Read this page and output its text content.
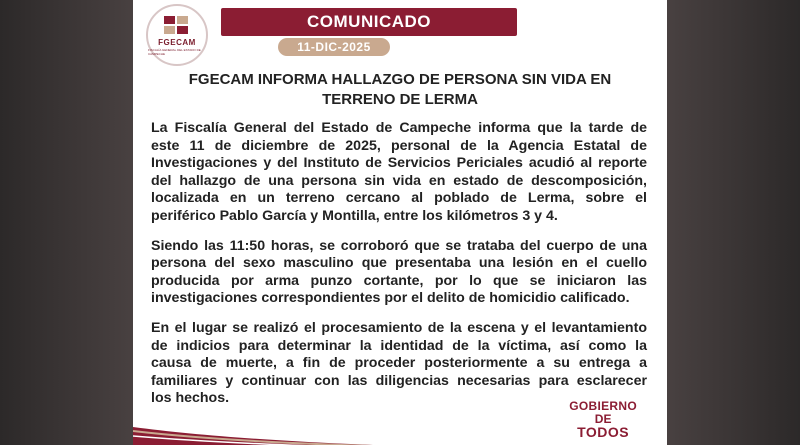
FGECAM
FISCALÍA GENERAL DEL ESTADO DE CAMPECHE
COMUNICADO
11-DIC-2025
FGECAM INFORMA HALLAZGO DE PERSONA SIN VIDA EN
TERRENO DE LERMA
La Fiscalía General del Estado de Campeche informa que la tarde de
este 11 de diciembre de 2025, personal de la Agencia Estatal de
Investigaciones y del Instituto de Servicios Periciales acudió al reporte
del hallazgo de una persona sin vida en estado de descomposición,
localizada en un terreno cercano al poblado de Lerma, sobre el
periférico Pablo García y Montilla, entre los kilómetros 3 y 4.
Siendo las 11:50 horas, se corroboró que se trataba del cuerpo de una
persona del sexo masculino que presentaba una lesión en el cuello
producida por arma punzo cortante, por lo que se iniciaron las
investigaciones correspondientes por el delito de homicidio calificado.
En el lugar se realizó el procesamiento de la escena y el levantamiento
de indicios para determinar la identidad de la víctima, así como la
causa de muerte, a fin de proceder posteriormente a su entrega a
familiares y continuar con las diligencias necesarias para esclarecer
los hechos.	GOBIERNO
DE
TODOS
